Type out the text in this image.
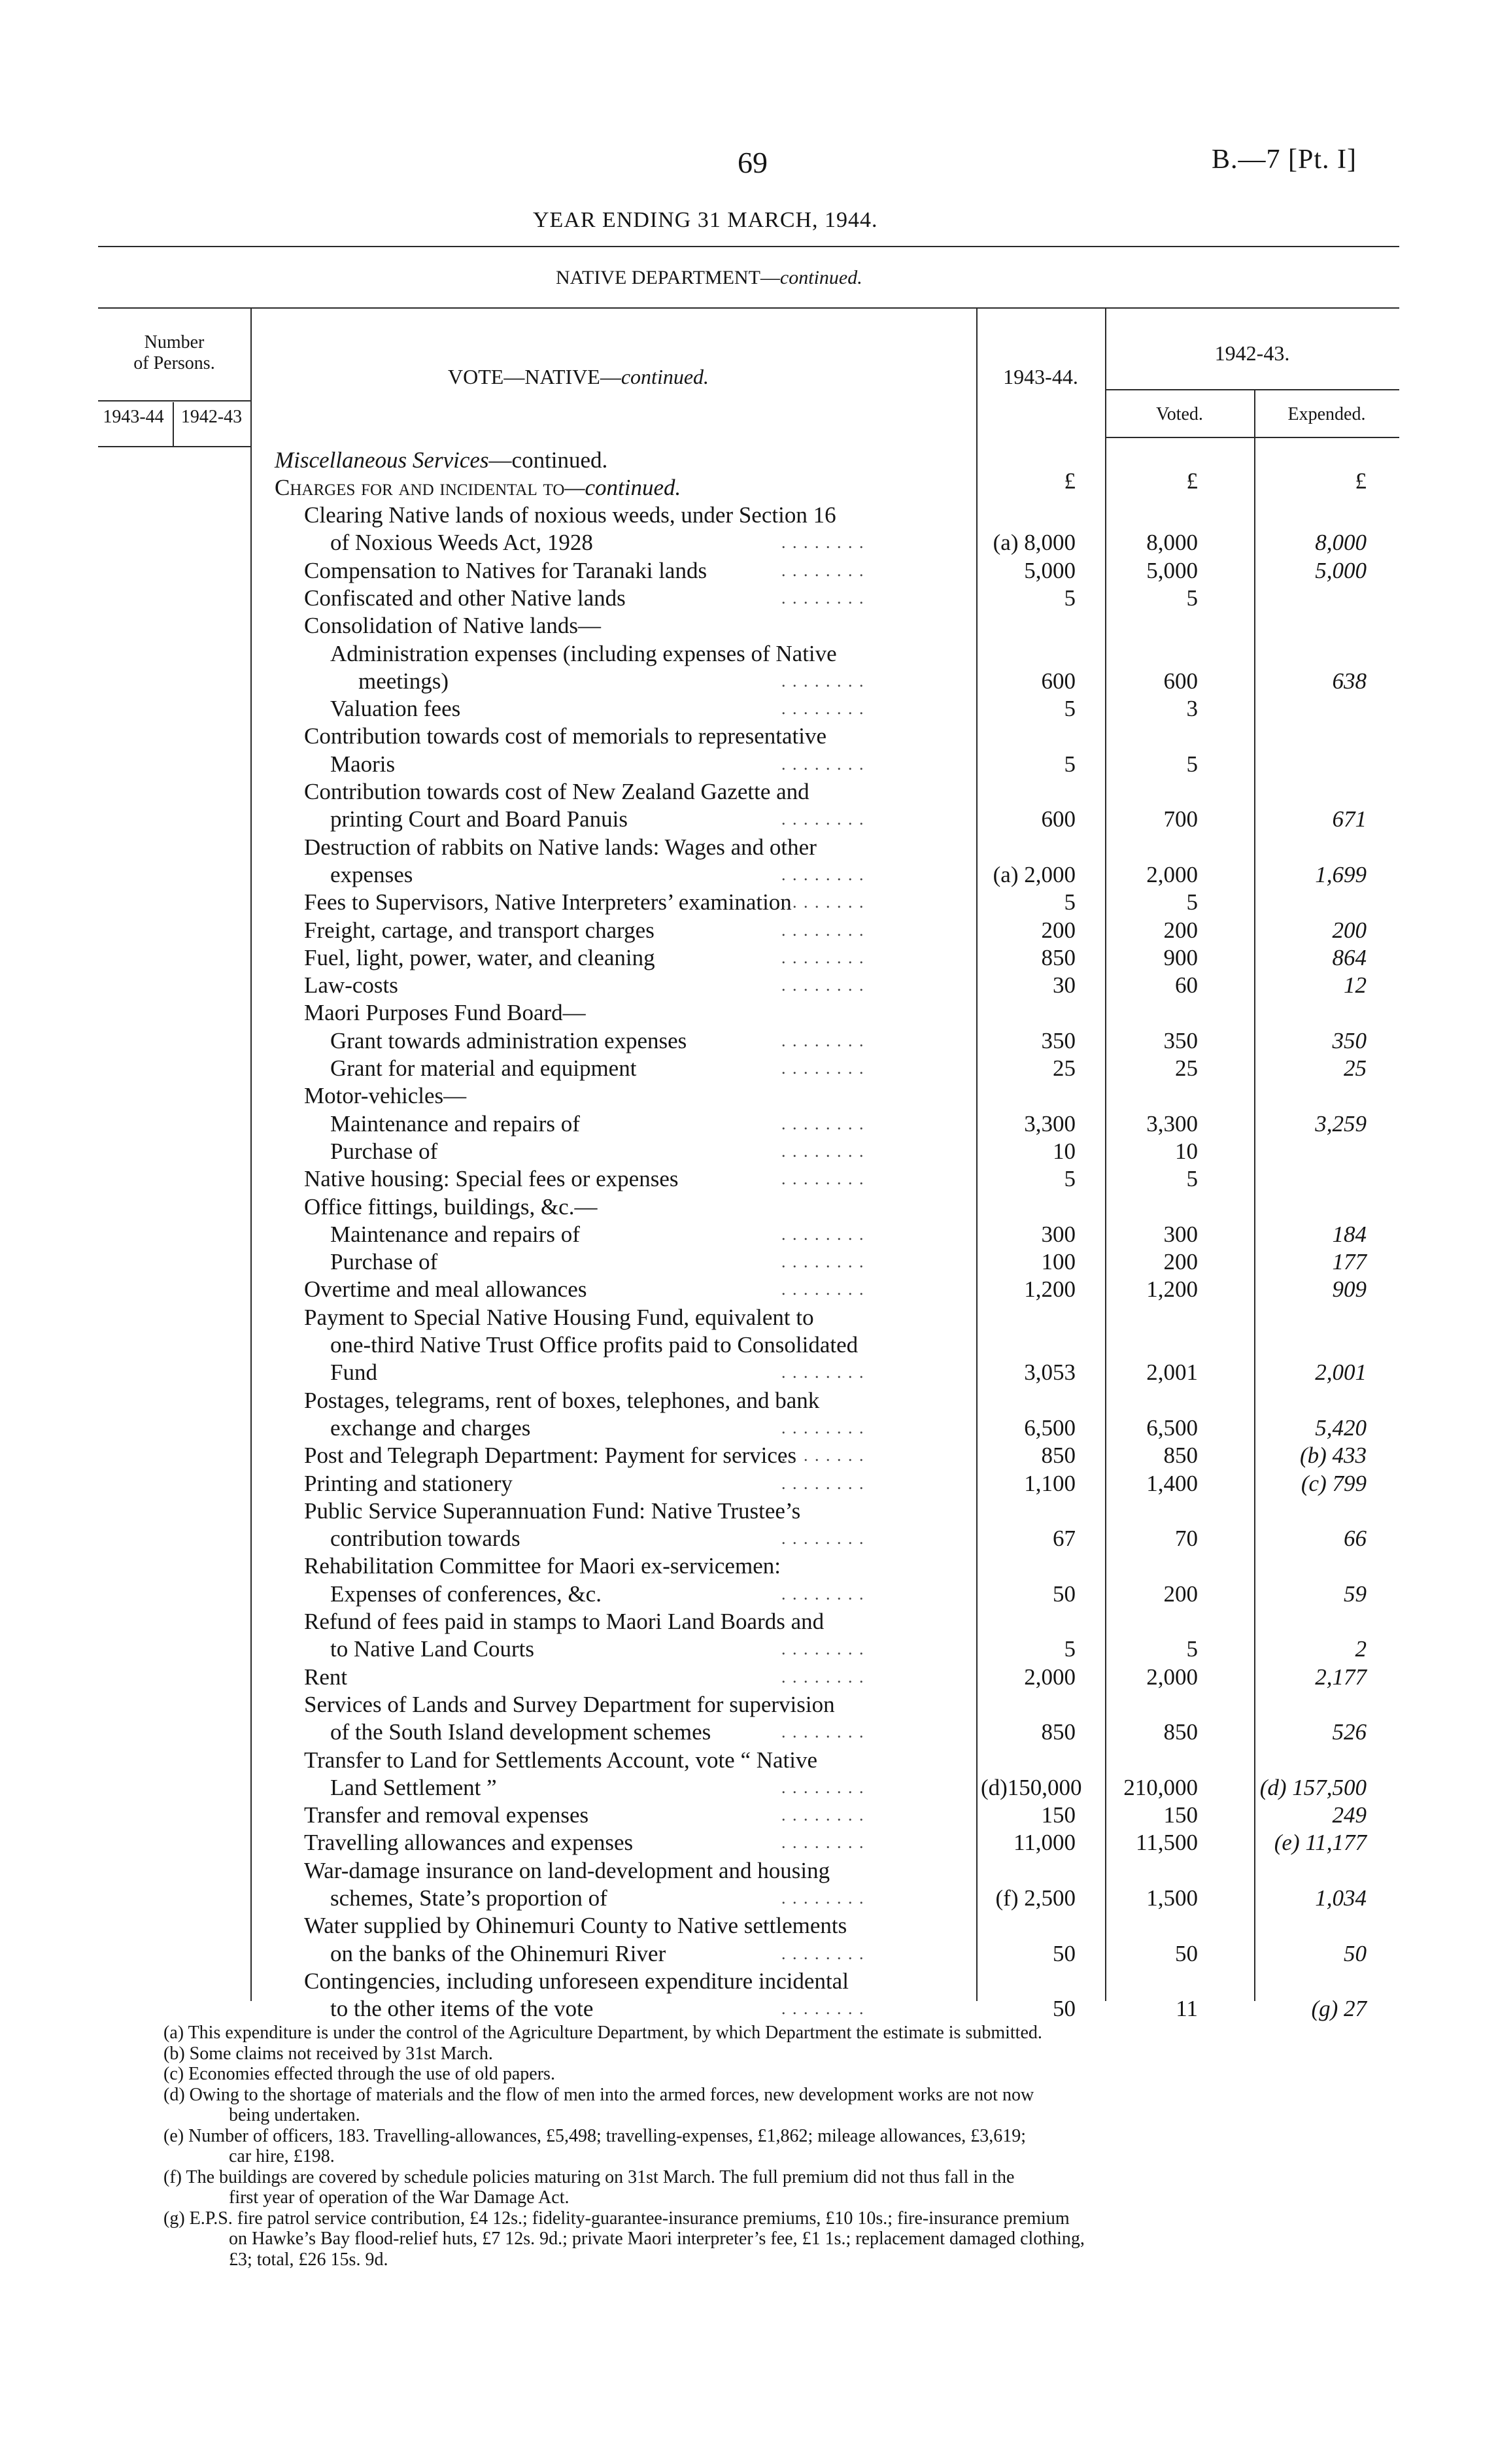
69	B.—7 [Pt. I]
YEAR ENDING 31 MARCH, 1944.
NATIVE DEPARTMENT—continued.
Number
of Persons.
1943-44 1942-43
VOTE—NATIVE—continued.	1943-44.
1942-43.
Voted.	Expended.
Miscellaneous Services—continued.
Charges for and incidental to—continued.	£	£	£
Clearing Native lands of noxious weeds, under Section 16
of Noxious Weeds Act, 1928	. . . . . . . .	(a) 8,000	8,000	8,000
Compensation to Natives for Taranaki lands	. . . . . . . .	5,000	5,000	5,000
Confiscated and other Native lands	. . . . . . . .	5	5
Consolidation of Native lands—
Administration expenses (including expenses of Native
meetings)	. . . . . . . .	600	600	638
Valuation fees	. . . . . . . .	5	3
Contribution towards cost of memorials to representative
Maoris	. . . . . . . .	5	5
Contribution towards cost of New Zealand Gazette and
printing Court and Board Panuis	. . . . . . . .	600	700	671
Destruction of rabbits on Native lands: Wages and other
expenses	. . . . . . . .	(a) 2,000	2,000	1,699
Fees to Supervisors, Native Interpreters’ examination
. . . . . . . .	5	5
Freight, cartage, and transport charges	. . . . . . . .	200	200	200
Fuel, light, power, water, and cleaning	. . . . . . . .	850	900	864
Law-costs	. . . . . . . .	30	60	12
Maori Purposes Fund Board—
Grant towards administration expenses	. . . . . . . .	350	350	350
Grant for material and equipment	. . . . . . . .	25	25	25
Motor-vehicles—
Maintenance and repairs of	. . . . . . . .	3,300	3,300	3,259
Purchase of	. . . . . . . .	10	10
Native housing: Special fees or expenses	. . . . . . . .	5	5
Office fittings, buildings, &c.—
Maintenance and repairs of	. . . . . . . .	300	300	184
Purchase of	. . . . . . . .	100	200	177
Overtime and meal allowances	. . . . . . . .	1,200	1,200	909
Payment to Special Native Housing Fund, equivalent to
one-third Native Trust Office profits paid to Consolidated
Fund	. . . . . . . .	3,053	2,001	2,001
Postages, telegrams, rent of boxes, telephones, and bank
exchange and charges	. . . . . . . .	6,500	6,500	5,420
Post and Telegraph Department: Payment for services
. . . . . . . .	850	850	(b) 433
Printing and stationery	. . . . . . . .	1,100	1,400	(c) 799
Public Service Superannuation Fund: Native Trustee’s
contribution towards	. . . . . . . .	67	70	66
Rehabilitation Committee for Maori ex-servicemen:
Expenses of conferences, &c.	. . . . . . . .	50	200	59
Refund of fees paid in stamps to Maori Land Boards and
to Native Land Courts	. . . . . . . .	5	5	2
Rent	. . . . . . . .	2,000	2,000	2,177
Services of Lands and Survey Department for supervision
of the South Island development schemes	. . . . . . . .	850	850	526
Transfer to Land for Settlements Account, vote “ Native
Land Settlement ”	. . . . . . . .	(d)150,000	210,000	(d) 157,500
Transfer and removal expenses	. . . . . . . .	150	150	249
Travelling allowances and expenses	. . . . . . . .	11,000	11,500	(e) 11,177
War-damage insurance on land-development and housing
schemes, State’s proportion of	. . . . . . . .	(f) 2,500	1,500	1,034
Water supplied by Ohinemuri County to Native settlements
on the banks of the Ohinemuri River	. . . . . . . .	50	50	50
Contingencies, including unforeseen expenditure incidental
to the other items of the vote	. . . . . . . .	50	11	(g) 27
(a) This expenditure is under the control of the Agriculture Department, by which Department the estimate is submitted.
(b) Some claims not received by 31st March.
(c) Economies effected through the use of old papers.
(d) Owing to the shortage of materials and the flow of men into the armed forces, new development works are not now
being undertaken.
(e) Number of officers, 183. Travelling-allowances, £5,498; travelling-expenses, £1,862; mileage allowances, £3,619;
car hire, £198.
(f) The buildings are covered by schedule policies maturing on 31st March. The full premium did not thus fall in the
first year of operation of the War Damage Act.
(g) E.P.S. fire patrol service contribution, £4 12s.; fidelity-guarantee-insurance premiums, £10 10s.; fire-insurance premium
on Hawke’s Bay flood-relief huts, £7 12s. 9d.; private Maori interpreter’s fee, £1 1s.; replacement damaged clothing,
£3; total, £26 15s. 9d.
